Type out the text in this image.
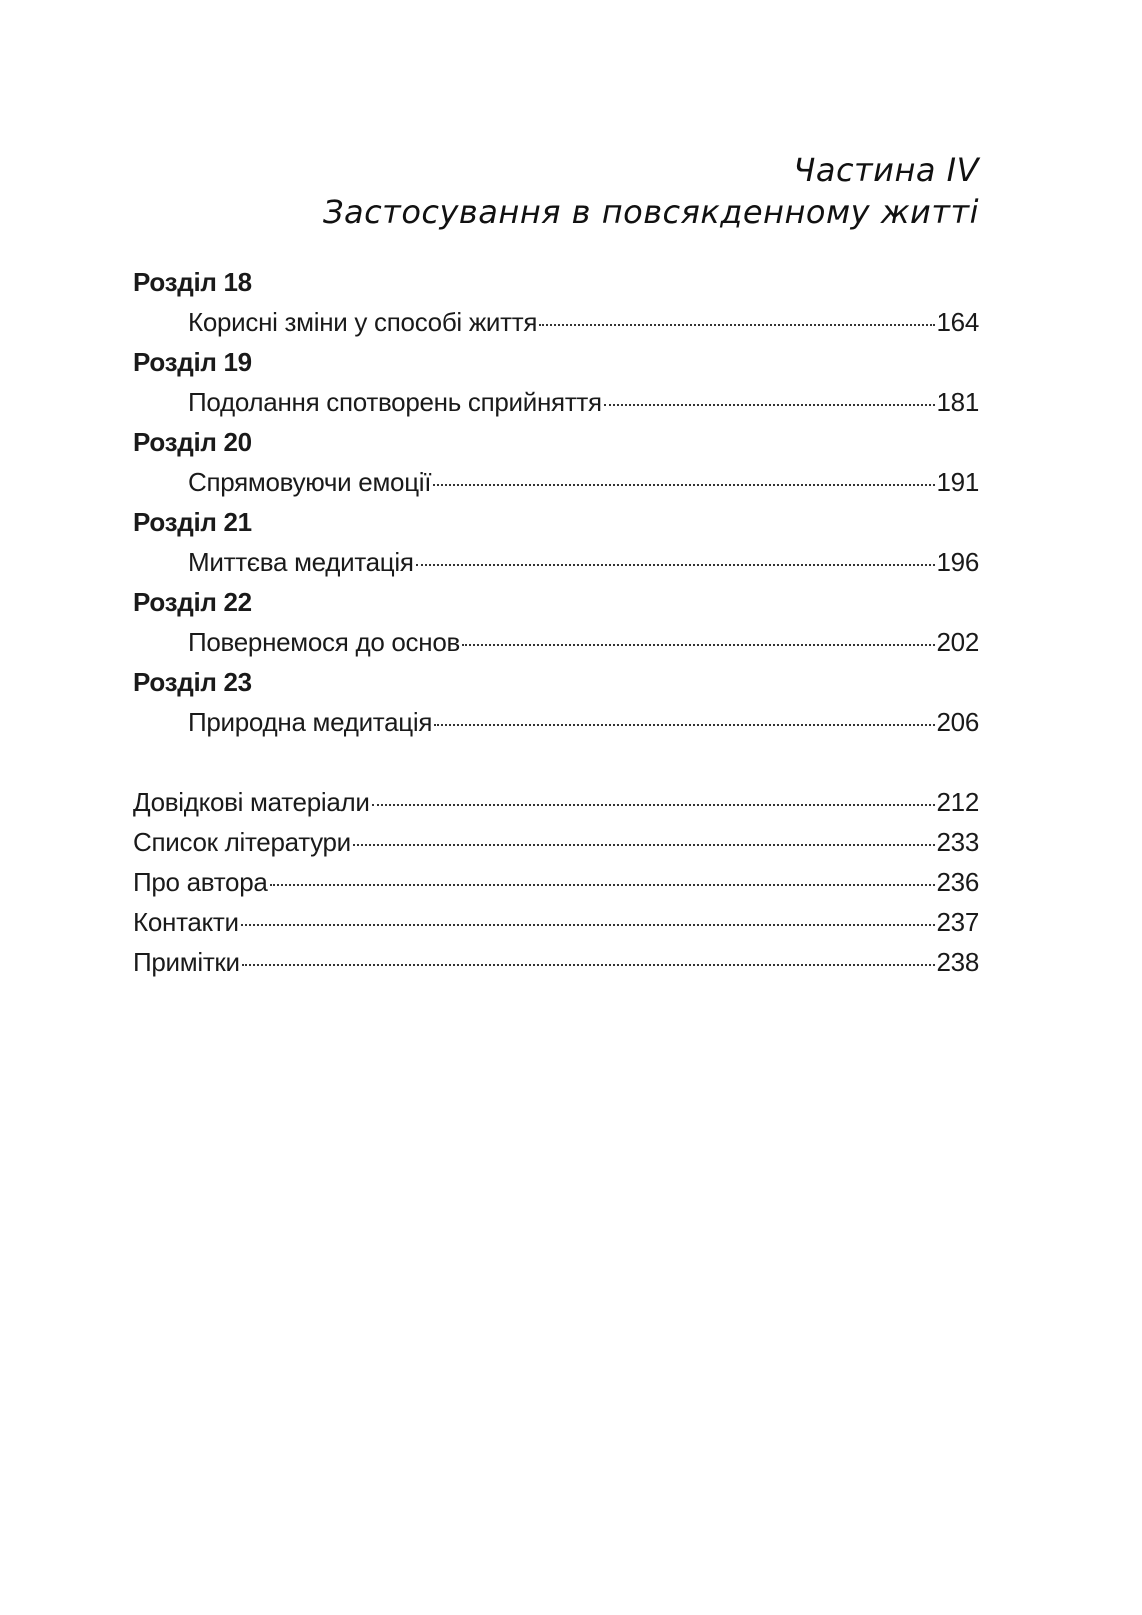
Частина IV
Застосування в повсякденному житті
Розділ 18
Корисні зміни у способі життя	164
Розділ 19
Подолання спотворень сприйняття	181
Розділ 20
Спрямовуючи емоції	191
Розділ 21
Миттєва медитація	196
Розділ 22
Повернемося до основ	202
Розділ 23
Природна медитація	206
Довідкові матеріали	212
Список літератури	233
Про автора	236
Контакти	237
Примітки	238
